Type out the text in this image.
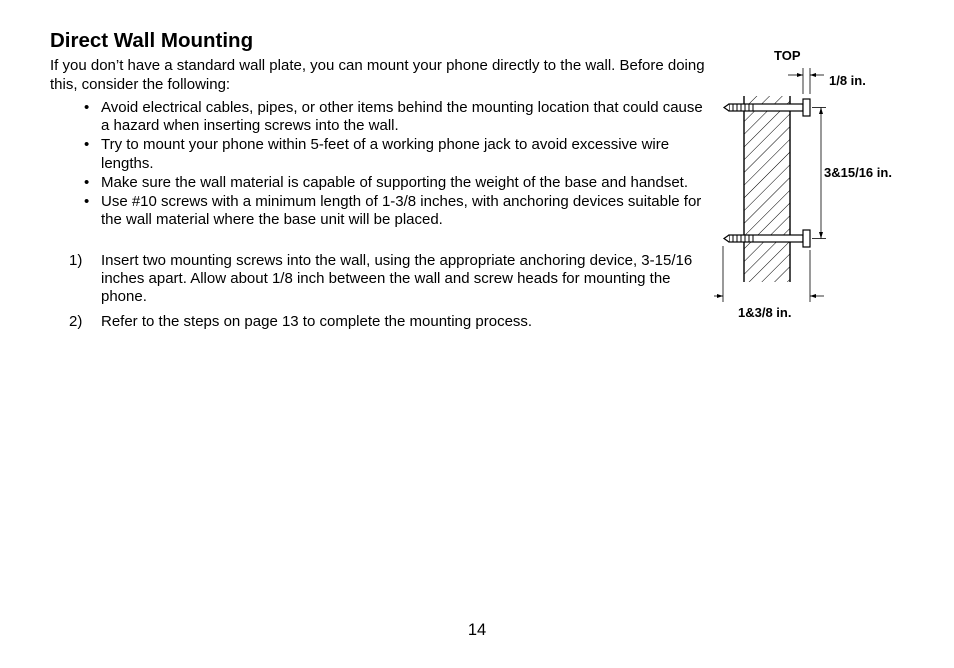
Direct Wall Mounting
If you don’t have a standard wall plate, you can mount your phone directly to the wall. Before doing this, consider the following:
• Avoid electrical cables, pipes, or other items behind the mounting location that could cause a hazard when inserting screws into the wall.
• Try to mount your phone within 5-feet of a working phone jack to avoid excessive wire lengths.
• Make sure the wall material is capable of supporting the weight of the base and handset.
• Use #10 screws with a minimum length of 1-3/8 inches, with anchoring devices suitable for the wall material where the base unit will be placed.
1) Insert two mounting screws into the wall, using the appropriate anchoring device, 3-15/16 inches apart. Allow about 1/8 inch between the wall and screw heads for mounting the phone.
2) Refer to the steps on page 13 to complete the mounting process.
TOP
1/8 in.
3&15/16 in.
1&3/8 in.
14
